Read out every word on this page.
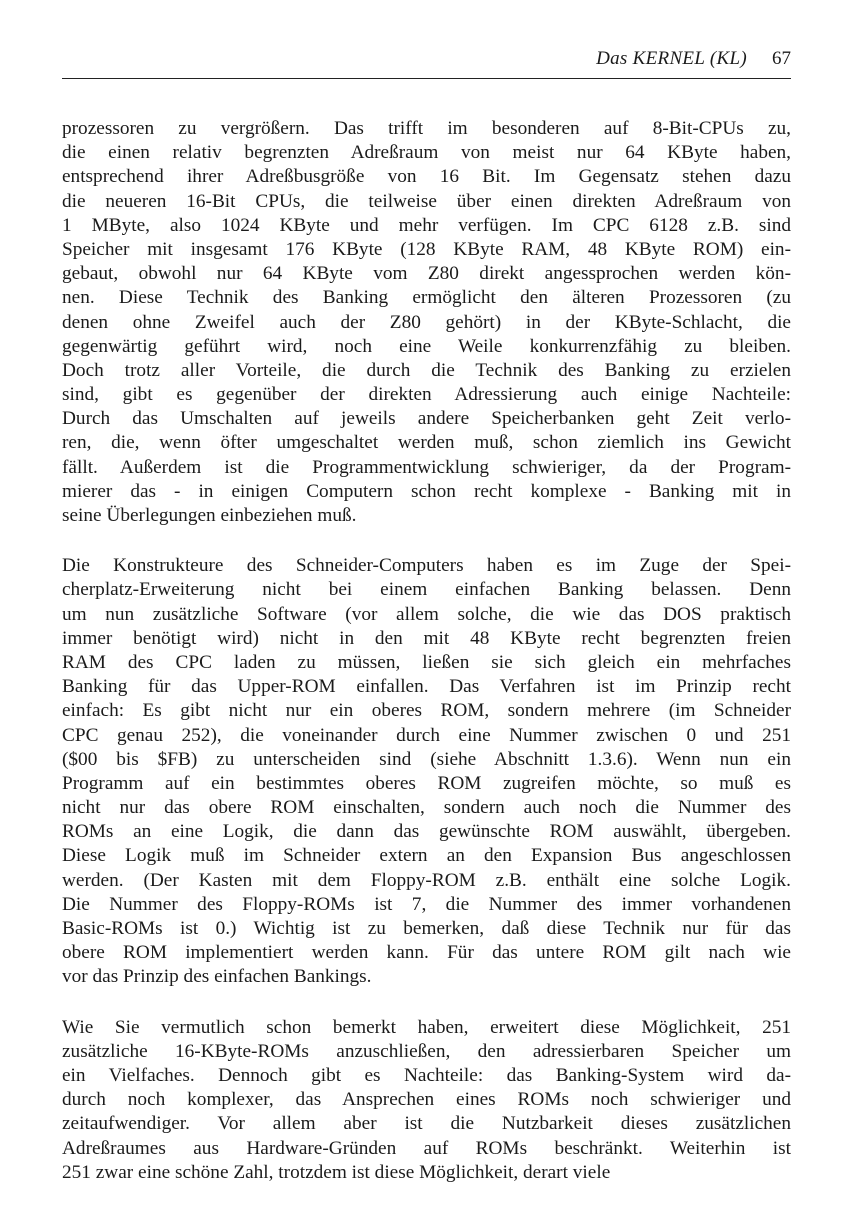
Das KERNEL (KL) 67
prozessoren zu vergrößern. Das trifft im besonderen auf 8-Bit-CPUs zu,
die einen relativ begrenzten Adreßraum von meist nur 64 KByte haben,
entsprechend ihrer Adreßbusgröße von 16 Bit. Im Gegensatz stehen dazu
die neueren 16-Bit CPUs, die teilweise über einen direkten Adreßraum von
1 MByte, also 1024 KByte und mehr verfügen. Im CPC 6128 z.B. sind
Speicher mit insgesamt 176 KByte (128 KByte RAM, 48 KByte ROM) ein-
gebaut, obwohl nur 64 KByte vom Z80 direkt angessprochen werden kön-
nen. Diese Technik des Banking ermöglicht den älteren Prozessoren (zu
denen ohne Zweifel auch der Z80 gehört) in der KByte-Schlacht, die
gegenwärtig geführt wird, noch eine Weile konkurrenzfähig zu bleiben.
Doch trotz aller Vorteile, die durch die Technik des Banking zu erzielen
sind, gibt es gegenüber der direkten Adressierung auch einige Nachteile:
Durch das Umschalten auf jeweils andere Speicherbanken geht Zeit verlo-
ren, die, wenn öfter umgeschaltet werden muß, schon ziemlich ins Gewicht
fällt. Außerdem ist die Programmentwicklung schwieriger, da der Program-
mierer das - in einigen Computern schon recht komplexe - Banking mit in
seine Überlegungen einbeziehen muß.
Die Konstrukteure des Schneider-Computers haben es im Zuge der Spei-
cherplatz-Erweiterung nicht bei einem einfachen Banking belassen. Denn
um nun zusätzliche Software (vor allem solche, die wie das DOS praktisch
immer benötigt wird) nicht in den mit 48 KByte recht begrenzten freien
RAM des CPC laden zu müssen, ließen sie sich gleich ein mehrfaches
Banking für das Upper-ROM einfallen. Das Verfahren ist im Prinzip recht
einfach: Es gibt nicht nur ein oberes ROM, sondern mehrere (im Schneider
CPC genau 252), die voneinander durch eine Nummer zwischen 0 und 251
($00 bis $FB) zu unterscheiden sind (siehe Abschnitt 1.3.6). Wenn nun ein
Programm auf ein bestimmtes oberes ROM zugreifen möchte, so muß es
nicht nur das obere ROM einschalten, sondern auch noch die Nummer des
ROMs an eine Logik, die dann das gewünschte ROM auswählt, übergeben.
Diese Logik muß im Schneider extern an den Expansion Bus angeschlossen
werden. (Der Kasten mit dem Floppy-ROM z.B. enthält eine solche Logik.
Die Nummer des Floppy-ROMs ist 7, die Nummer des immer vorhandenen
Basic-ROMs ist 0.) Wichtig ist zu bemerken, daß diese Technik nur für das
obere ROM implementiert werden kann. Für das untere ROM gilt nach wie
vor das Prinzip des einfachen Bankings.
Wie Sie vermutlich schon bemerkt haben, erweitert diese Möglichkeit, 251
zusätzliche 16-KByte-ROMs anzuschließen, den adressierbaren Speicher um
ein Vielfaches. Dennoch gibt es Nachteile: das Banking-System wird da-
durch noch komplexer, das Ansprechen eines ROMs noch schwieriger und
zeitaufwendiger. Vor allem aber ist die Nutzbarkeit dieses zusätzlichen
Adreßraumes aus Hardware-Gründen auf ROMs beschränkt. Weiterhin ist
251 zwar eine schöne Zahl, trotzdem ist diese Möglichkeit, derart viele
